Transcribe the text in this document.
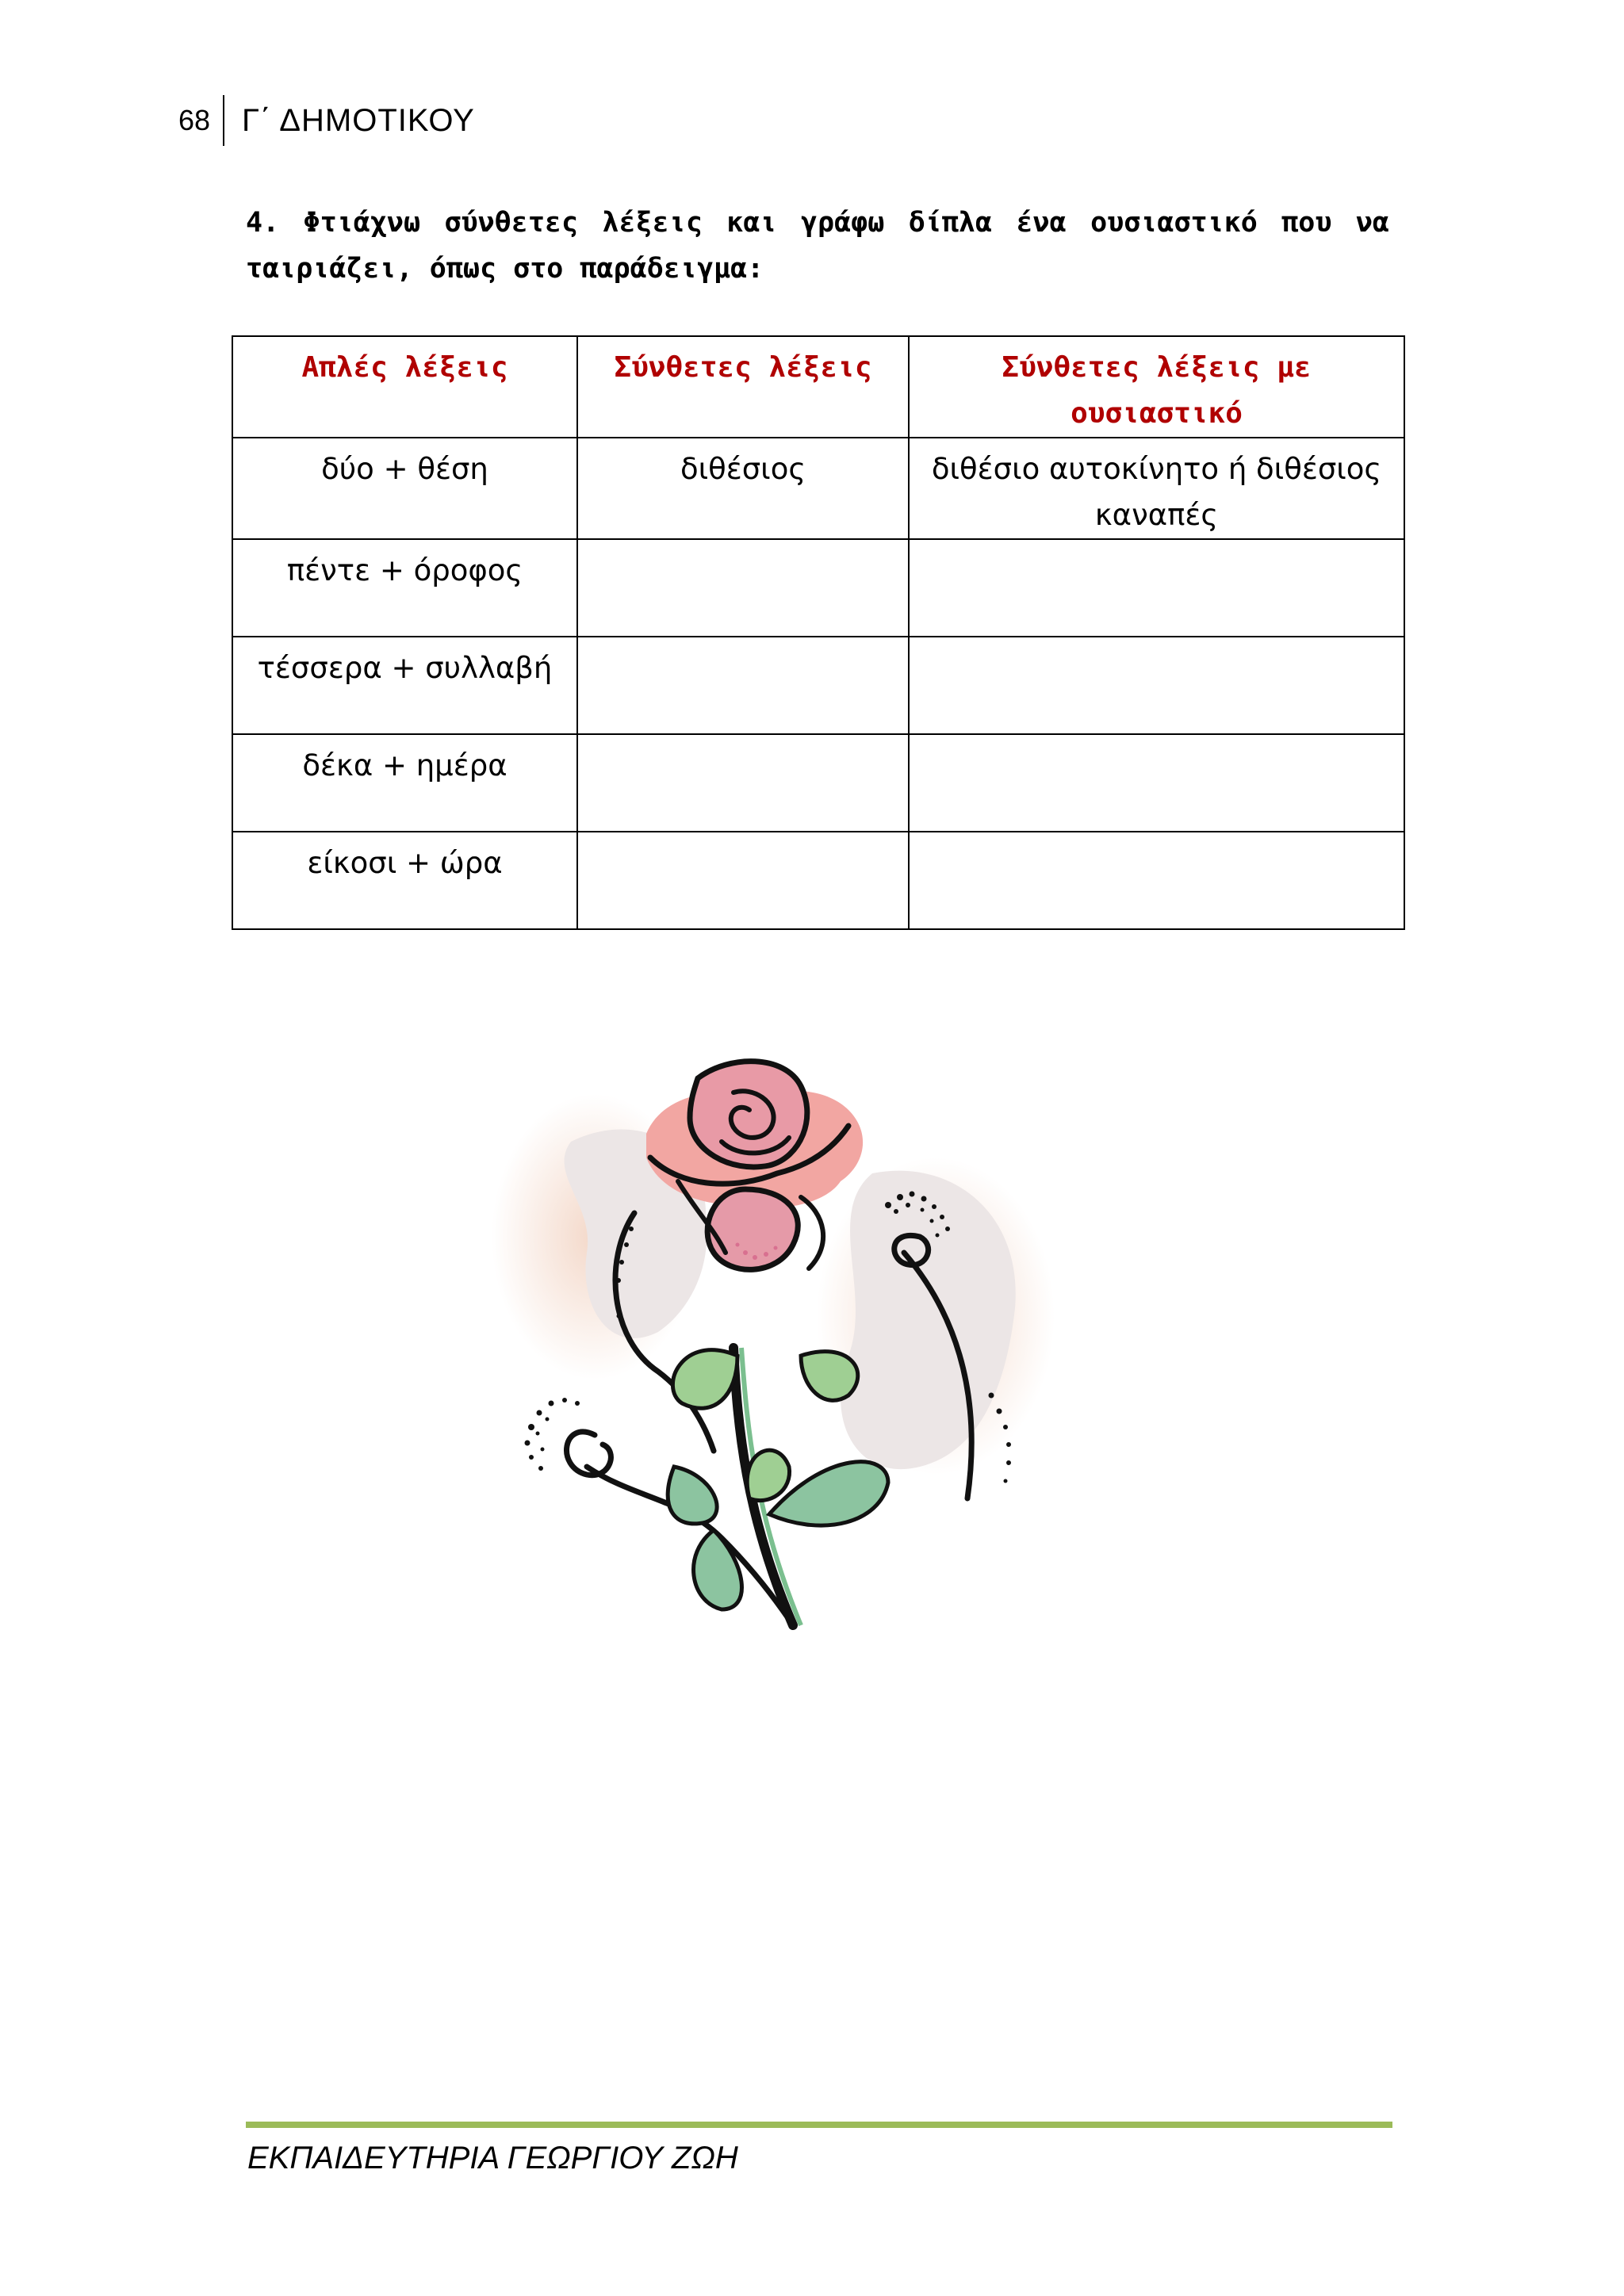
68 Γ΄ ΔΗΜΟΤΙΚΟΥ
4. Φτιάχνω σύνθετες λέξεις και γράφω δίπλα ένα ουσιαστικό που να ταιριάζει, όπως στο παράδειγμα:
Απλές λέξεις	Σύνθετες λέξεις	Σύνθετες λέξεις με ουσιαστικό
δύο + θέση	διθέσιος	διθέσιο αυτοκίνητο ή διθέσιος καναπές
πέντε + όροφος		
τέσσερα + συλλαβή		
δέκα + ημέρα		
είκοσι + ώρα		
ΕΚΠΑΙΔΕΥΤΗΡΙΑ ΓΕΩΡΓΙΟΥ ΖΩΗ
